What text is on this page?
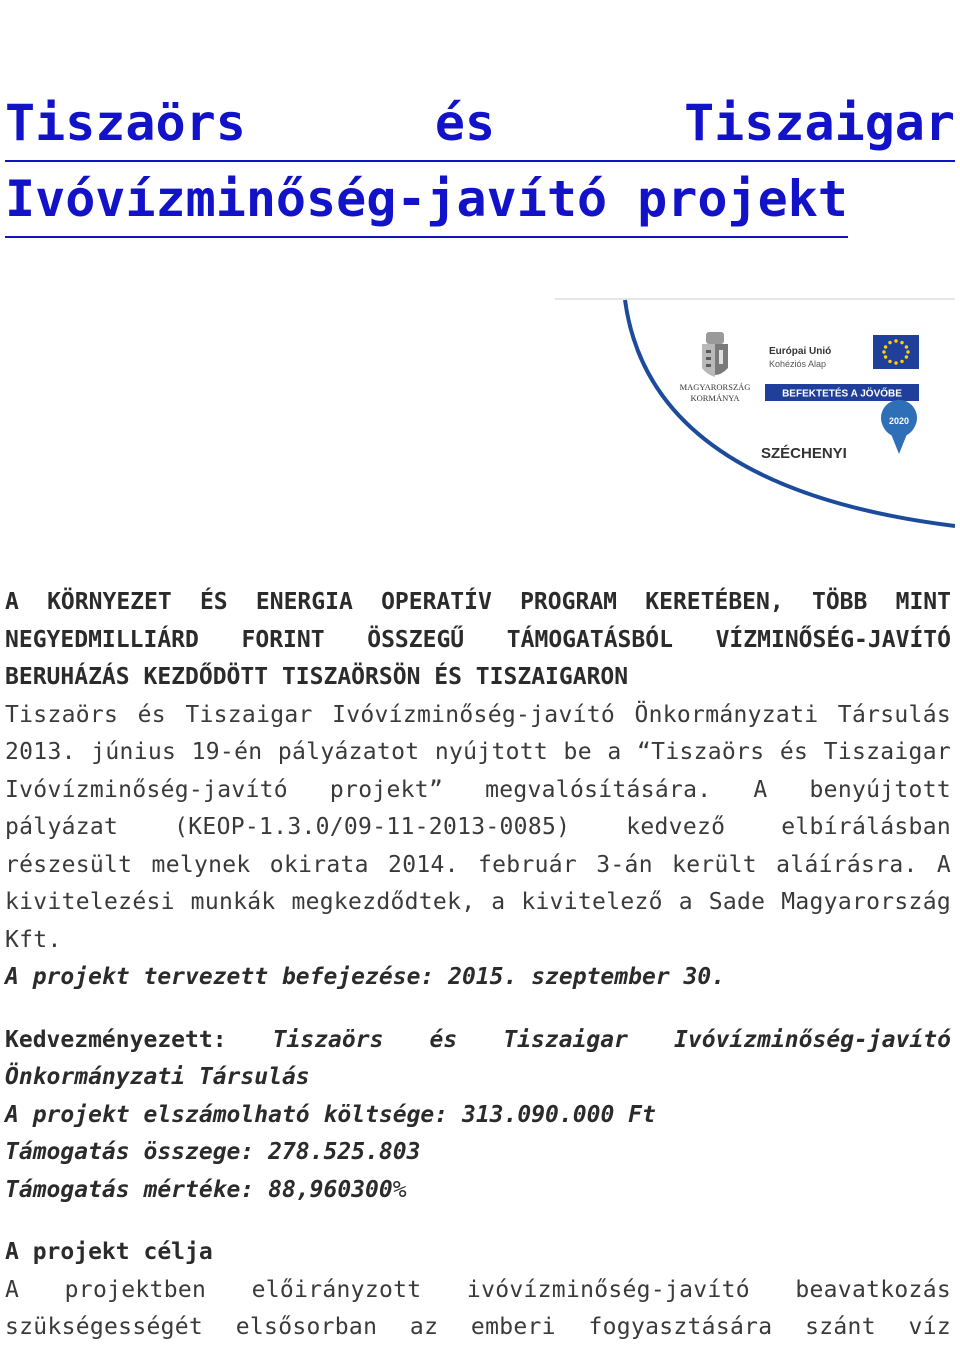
Tiszaörs és Tiszaigar
Ivóvízminőség-javító projekt
MAGYARORSZÁG
KORMÁNYA
Európai Unió
Kohéziós Alap
BEFEKTETÉS A JÖVŐBE
SZÉCHENYI
2020

A KÖRNYEZET ÉS ENERGIA OPERATÍV PROGRAM KERETÉBEN, TÖBB MINT NEGYEDMILLIÁRD FORINT ÖSSZEGŰ TÁMOGATÁSBÓL VÍZMINŐSÉG-JAVÍTÓ BERUHÁZÁS KEZDŐDÖTT TISZAÖRSÖN ÉS TISZAIGARON

Tiszaörs és Tiszaigar Ivóvízminőség-javító Önkormányzati Társulás 2013. június 19-én pályázatot nyújtott be a “Tiszaörs és Tiszaigar Ivóvízminőség-javító projekt” megvalósítására. A benyújtott pályázat (KEOP-1.3.0/09-11-2013-0085) kedvező elbírálásban részesült melynek okirata 2014. február 3-án került aláírásra. A kivitelezési munkák megkezdődtek, a kivitelező a Sade Magyarország Kft.

A projekt tervezett befejezése: 2015. szeptember 30.

Kedvezményezett: Tiszaörs és Tiszaigar Ivóvízminőség-javító Önkormányzati Társulás

A projekt elszámolható költsége: 313.090.000 Ft

Támogatás összege: 278.525.803

Támogatás mértéke: 88,960300%

A projekt célja

A projektben előirányzott ivóvízminőség-javító beavatkozás szükségességét elsősorban az emberi fogyasztására szánt víz
